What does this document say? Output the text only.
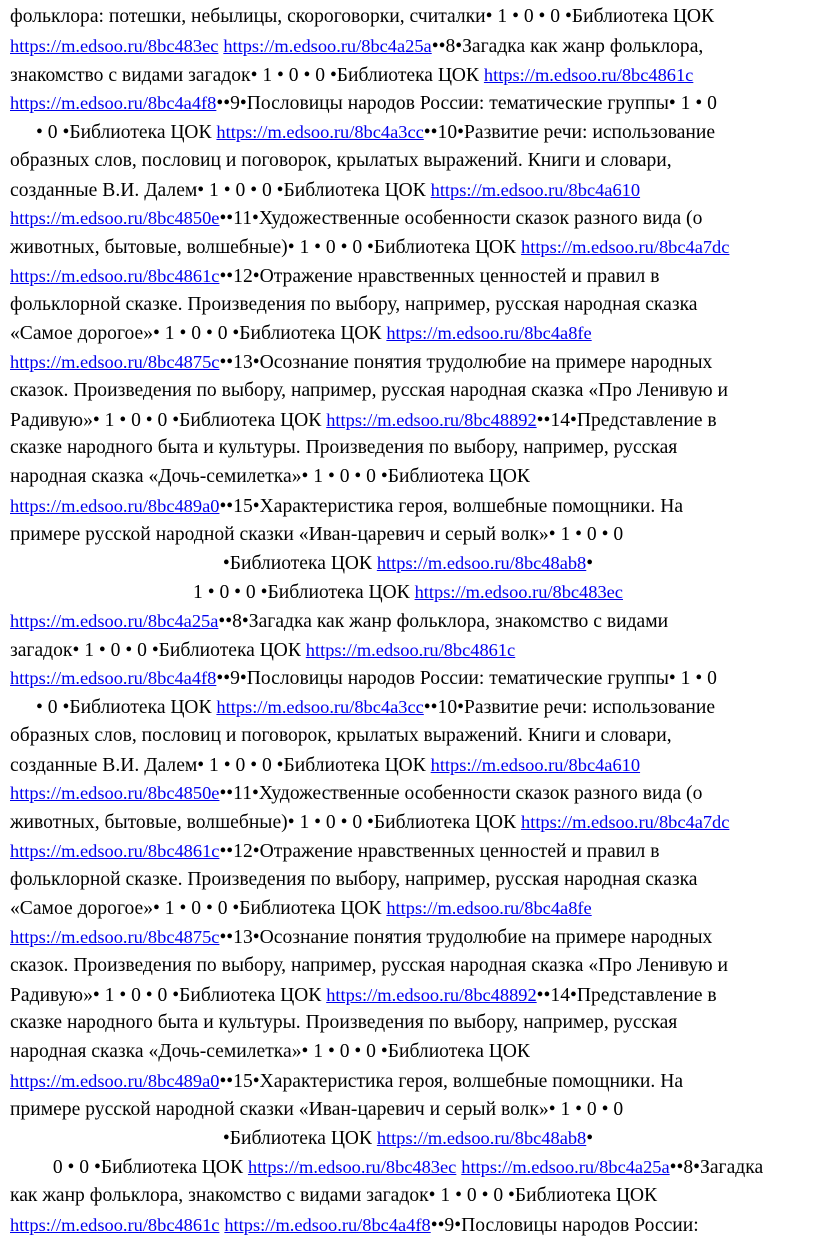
фольклора: потешки, небылицы, скороговорки, считалки• 1 • 0 • 0 •Библиотека ЦОК
https://m.edsoo.ru/8bc483ec https://m.edsoo.ru/8bc4a25a••8•Загадка как жанр фольклора,
знакомство с видами загадок• 1 • 0 • 0 •Библиотека ЦОК https://m.edsoo.ru/8bc4861c
https://m.edsoo.ru/8bc4a4f8••9•Пословицы народов России: тематические группы• 1 • 0
• 0 •Библиотека ЦОК https://m.edsoo.ru/8bc4a3cc••10•Развитие речи: использование
образных слов, пословиц и поговорок, крылатых выражений. Книги и словари,
созданные В.И. Далем• 1 • 0 • 0 •Библиотека ЦОК https://m.edsoo.ru/8bc4a610
https://m.edsoo.ru/8bc4850e••11•Художественные особенности сказок разного вида (о
животных, бытовые, волшебные)• 1 • 0 • 0 •Библиотека ЦОК https://m.edsoo.ru/8bc4a7dc
https://m.edsoo.ru/8bc4861c••12•Отражение нравственных ценностей и правил в
фольклорной сказке. Произведения по выбору, например, русская народная сказка
«Самое дорогое»• 1 • 0 • 0 •Библиотека ЦОК https://m.edsoo.ru/8bc4a8fe
https://m.edsoo.ru/8bc4875c••13•Осознание понятия трудолюбие на примере народных
сказок. Произведения по выбору, например, русская народная сказка «Про Ленивую и
Радивую»• 1 • 0 • 0 •Библиотека ЦОК https://m.edsoo.ru/8bc48892••14•Представление в
сказке народного быта и культуры. Произведения по выбору, например, русская
народная сказка «Дочь-семилетка»• 1 • 0 • 0 •Библиотека ЦОК
https://m.edsoo.ru/8bc489a0••15•Характеристика героя, волшебные помощники. На
примере русской народной сказки «Иван-царевич и серый волк»• 1 • 0 • 0
•Библиотека ЦОК https://m.edsoo.ru/8bc48ab8•
1 • 0 • 0 •Библиотека ЦОК https://m.edsoo.ru/8bc483ec
https://m.edsoo.ru/8bc4a25a••8•Загадка как жанр фольклора, знакомство с видами
загадок• 1 • 0 • 0 •Библиотека ЦОК https://m.edsoo.ru/8bc4861c
https://m.edsoo.ru/8bc4a4f8••9•Пословицы народов России: тематические группы• 1 • 0
• 0 •Библиотека ЦОК https://m.edsoo.ru/8bc4a3cc••10•Развитие речи: использование
образных слов, пословиц и поговорок, крылатых выражений. Книги и словари,
созданные В.И. Далем• 1 • 0 • 0 •Библиотека ЦОК https://m.edsoo.ru/8bc4a610
https://m.edsoo.ru/8bc4850e••11•Художественные особенности сказок разного вида (о
животных, бытовые, волшебные)• 1 • 0 • 0 •Библиотека ЦОК https://m.edsoo.ru/8bc4a7dc
https://m.edsoo.ru/8bc4861c••12•Отражение нравственных ценностей и правил в
фольклорной сказке. Произведения по выбору, например, русская народная сказка
«Самое дорогое»• 1 • 0 • 0 •Библиотека ЦОК https://m.edsoo.ru/8bc4a8fe
https://m.edsoo.ru/8bc4875c••13•Осознание понятия трудолюбие на примере народных
сказок. Произведения по выбору, например, русская народная сказка «Про Ленивую и
Радивую»• 1 • 0 • 0 •Библиотека ЦОК https://m.edsoo.ru/8bc48892••14•Представление в
сказке народного быта и культуры. Произведения по выбору, например, русская
народная сказка «Дочь-семилетка»• 1 • 0 • 0 •Библиотека ЦОК
https://m.edsoo.ru/8bc489a0••15•Характеристика героя, волшебные помощники. На
примере русской народной сказки «Иван-царевич и серый волк»• 1 • 0 • 0
•Библиотека ЦОК https://m.edsoo.ru/8bc48ab8•
0 • 0 •Библиотека ЦОК https://m.edsoo.ru/8bc483ec https://m.edsoo.ru/8bc4a25a••8•Загадка
как жанр фольклора, знакомство с видами загадок• 1 • 0 • 0 •Библиотека ЦОК
https://m.edsoo.ru/8bc4861c https://m.edsoo.ru/8bc4a4f8••9•Пословицы народов России:
